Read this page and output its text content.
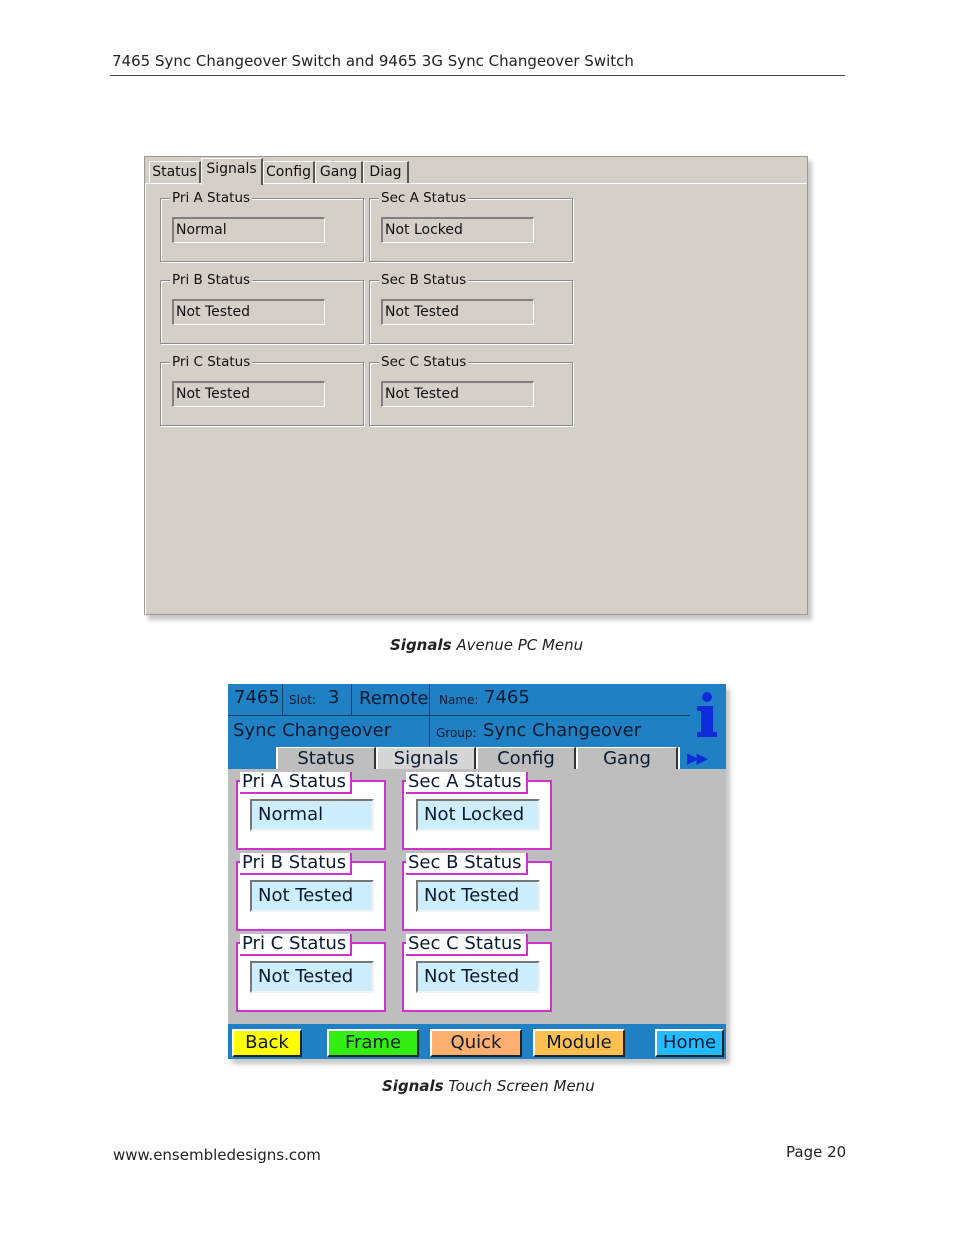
7465 Sync Changeover Switch and 9465 3G Sync Changeover Switch
Status Signals Config Gang Diag
Pri A Status
Normal
Sec A Status
Not Locked
Pri B Status
Not Tested
Sec B Status
Not Tested
Pri C Status
Not Tested
Sec C Status
Not Tested
Signals Avenue PC Menu
7465 Slot: 3 Remote Name: 7465
Sync Changeover	Group: Sync Changeover
Status	Signals	Config	Gang	▶▶
Pri A Status
Normal
Sec A Status
Not Locked
Pri B Status
Not Tested
Sec B Status
Not Tested
Pri C Status
Not Tested
Sec C Status
Not Tested
Back	Frame	Quick	Module	Home
Signals Touch Screen Menu
www.ensembledesigns.com	Page 20
